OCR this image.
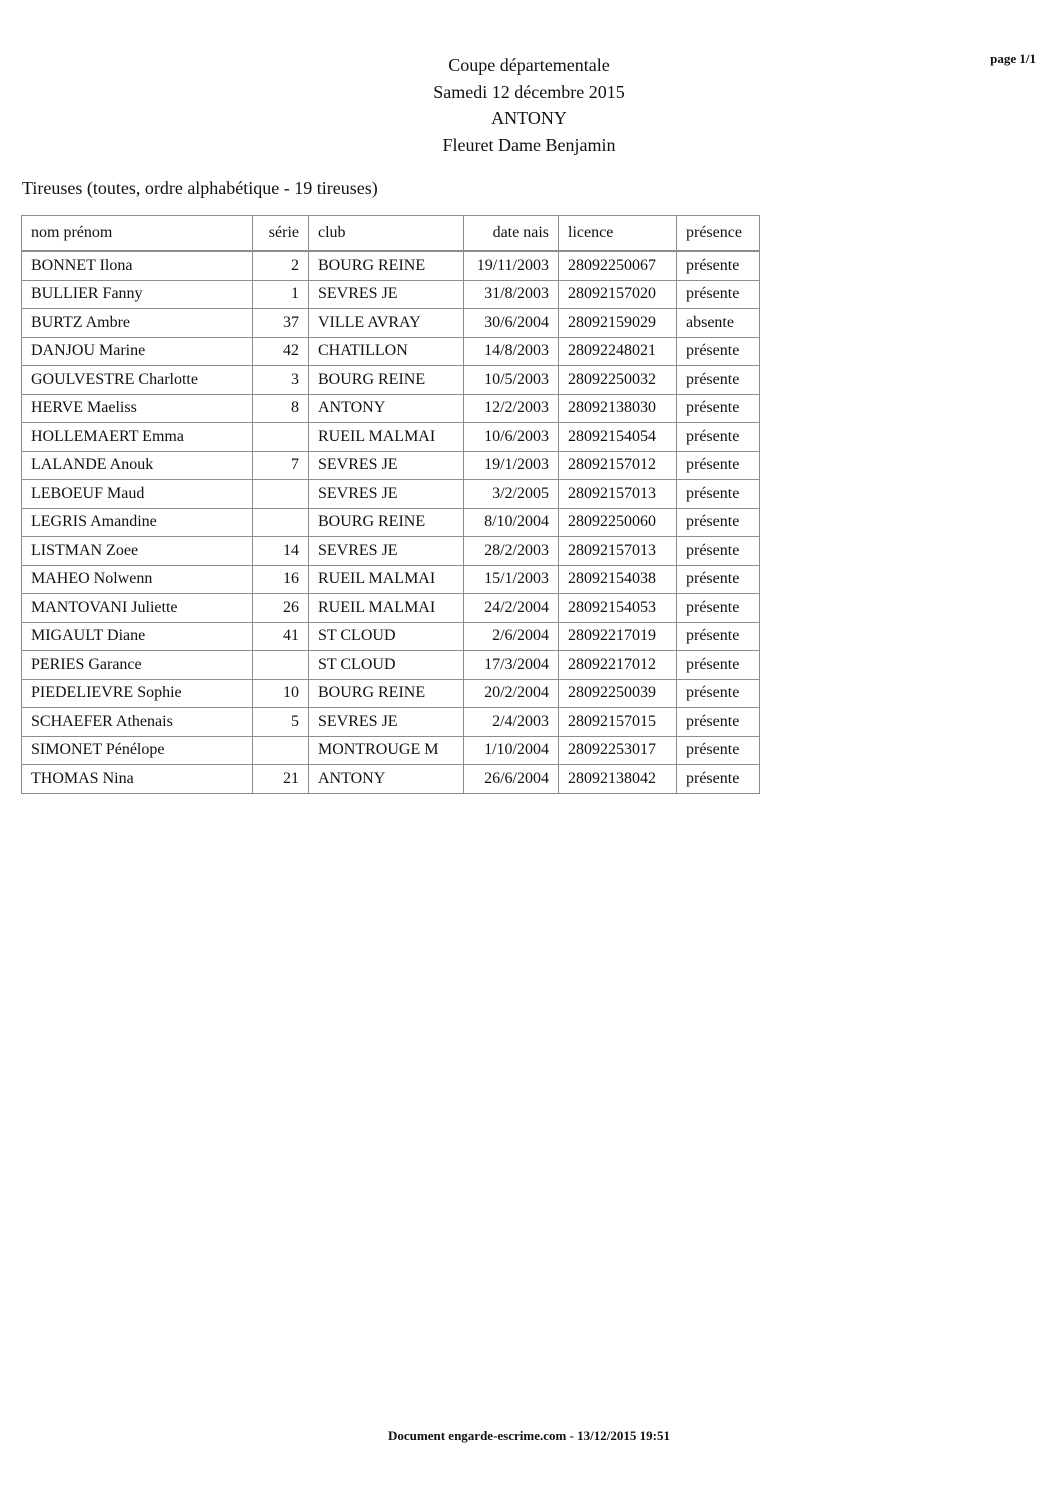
page 1/1
Coupe départementale
Samedi 12 décembre 2015
ANTONY
Fleuret Dame Benjamin
Tireuses (toutes, ordre alphabétique - 19 tireuses)
nom prénom	série	club	date nais	licence	présence
BONNET Ilona	2	BOURG REINE	19/11/2003	28092250067	présente
BULLIER Fanny	1	SEVRES JE	31/8/2003	28092157020	présente
BURTZ Ambre	37	VILLE AVRAY	30/6/2004	28092159029	absente
DANJOU Marine	42	CHATILLON	14/8/2003	28092248021	présente
GOULVESTRE Charlotte	3	BOURG REINE	10/5/2003	28092250032	présente
HERVE Maeliss	8	ANTONY	12/2/2003	28092138030	présente
HOLLEMAERT Emma		RUEIL MALMAI	10/6/2003	28092154054	présente
LALANDE Anouk	7	SEVRES JE	19/1/2003	28092157012	présente
LEBOEUF Maud		SEVRES JE	3/2/2005	28092157013	présente
LEGRIS Amandine		BOURG REINE	8/10/2004	28092250060	présente
LISTMAN Zoee	14	SEVRES JE	28/2/2003	28092157013	présente
MAHEO Nolwenn	16	RUEIL MALMAI	15/1/2003	28092154038	présente
MANTOVANI Juliette	26	RUEIL MALMAI	24/2/2004	28092154053	présente
MIGAULT Diane	41	ST CLOUD	2/6/2004	28092217019	présente
PERIES Garance		ST CLOUD	17/3/2004	28092217012	présente
PIEDELIEVRE Sophie	10	BOURG REINE	20/2/2004	28092250039	présente
SCHAEFER Athenais	5	SEVRES JE	2/4/2003	28092157015	présente
SIMONET Pénélope		MONTROUGE M	1/10/2004	28092253017	présente
THOMAS Nina	21	ANTONY	26/6/2004	28092138042	présente
Document engarde-escrime.com - 13/12/2015 19:51
